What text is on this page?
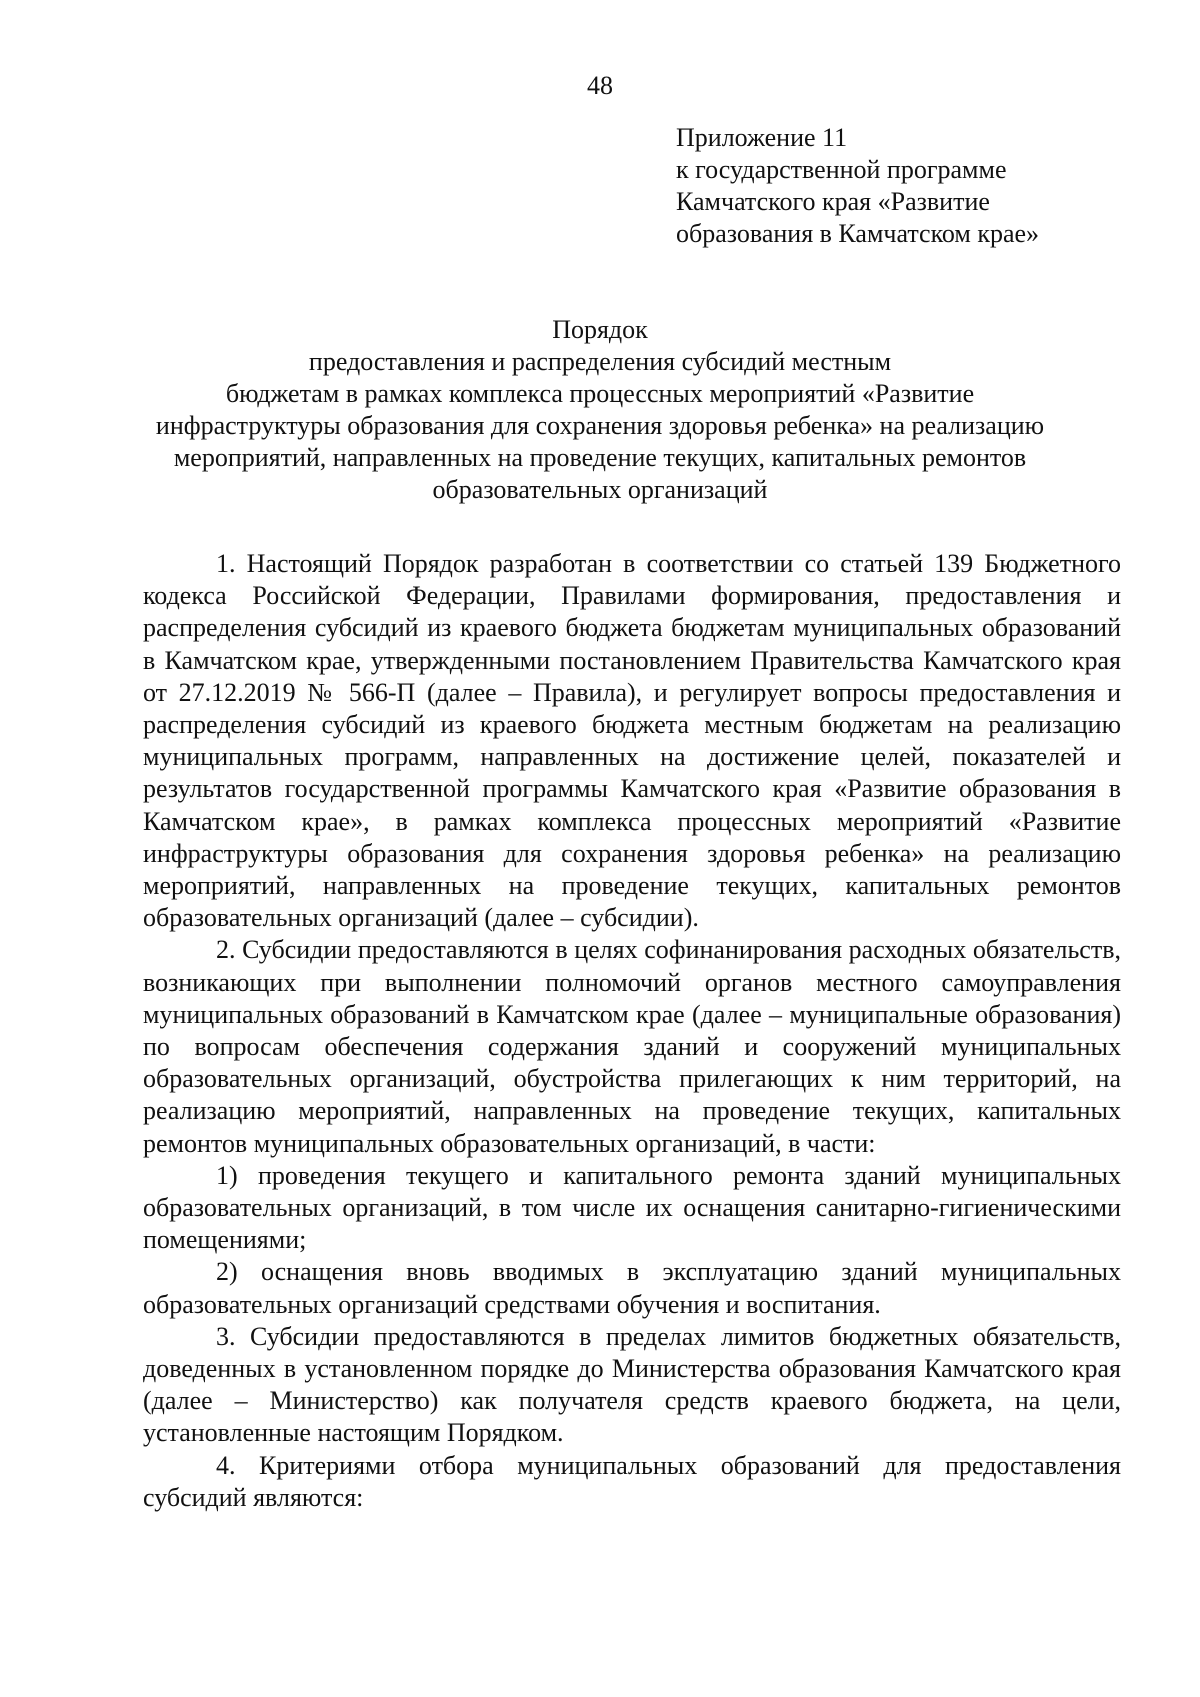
48
Приложение 11
к государственной программе
Камчатского края «Развитие
образования в Камчатском крае»
Порядок
предоставления и распределения субсидий местным
бюджетам в рамках комплекса процессных мероприятий «Развитие
инфраструктуры образования для сохранения здоровья ребенка» на реализацию
мероприятий, направленных на проведение текущих, капитальных ремонтов
образовательных организаций

1. Настоящий Порядок разработан в соответствии со статьей 139 Бюджетного кодекса Российской Федерации, Правилами формирования, предоставления и распределения субсидий из краевого бюджета бюджетам муниципальных образований в Камчатском крае, утвержденными постановлением Правительства Камчатского края от 27.12.2019 № 566-П (далее – Правила), и регулирует вопросы предоставления и распределения субсидий из краевого бюджета местным бюджетам на реализацию муниципальных программ, направленных на достижение целей, показателей и результатов государственной программы Камчатского края «Развитие образования в Камчатском крае», в рамках комплекса процессных мероприятий «Развитие инфраструктуры образования для сохранения здоровья ребенка» на реализацию мероприятий, направленных на проведение текущих, капитальных ремонтов образовательных организаций (далее – субсидии).

2. Субсидии предоставляются в целях софинанирования расходных обязательств, возникающих при выполнении полномочий органов местного самоуправления муниципальных образований в Камчатском крае (далее – муниципальные образования) по вопросам обеспечения содержания зданий и сооружений муниципальных образовательных организаций, обустройства прилегающих к ним территорий, на реализацию мероприятий, направленных на проведение текущих, капитальных ремонтов муниципальных образовательных организаций, в части:

1) проведения текущего и капитального ремонта зданий муниципальных образовательных организаций, в том числе их оснащения санитарно-гигиеническими помещениями;

2) оснащения вновь вводимых в эксплуатацию зданий муниципальных образовательных организаций средствами обучения и воспитания.

3. Субсидии предоставляются в пределах лимитов бюджетных обязательств, доведенных в установленном порядке до Министерства образования Камчатского края (далее – Министерство) как получателя средств краевого бюджета, на цели, установленные настоящим Порядком.

4. Критериями отбора муниципальных образований для предоставления субсидий являются:
